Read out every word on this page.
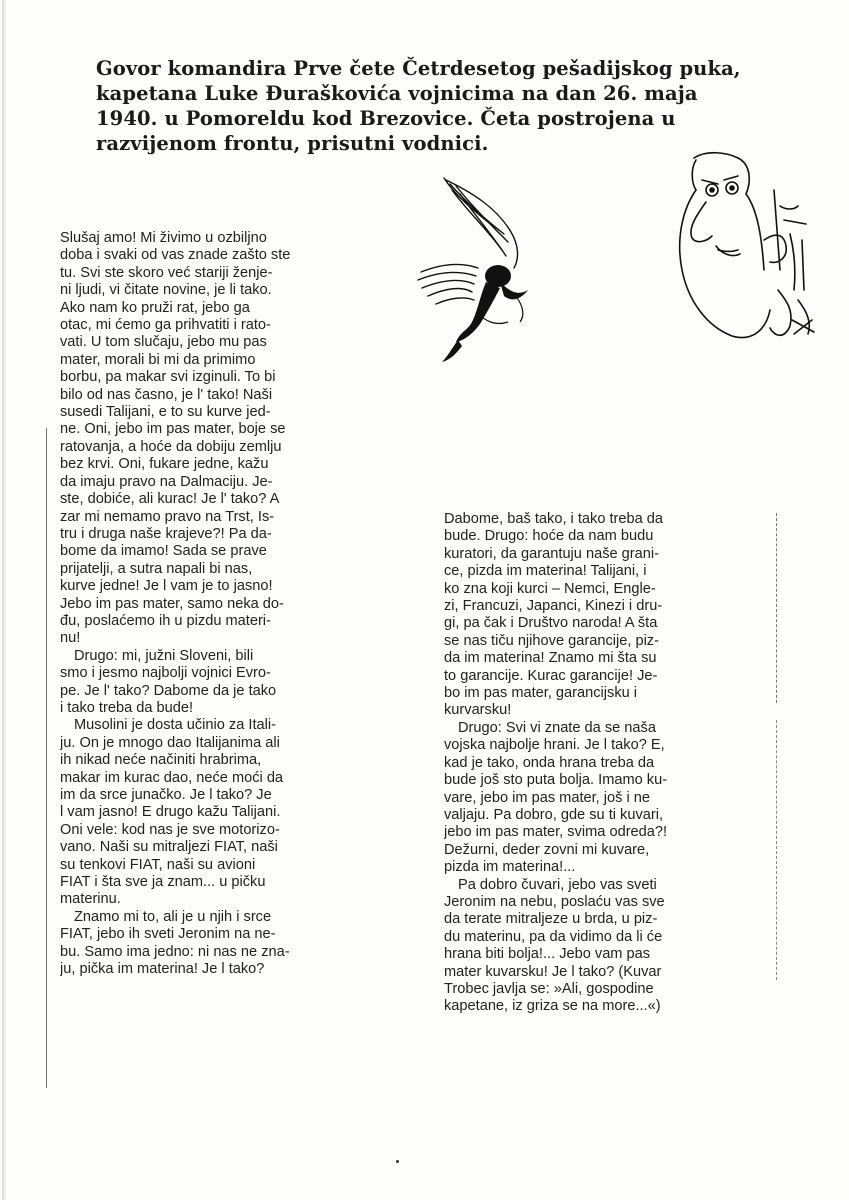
Govor komandira Prve čete Četrdesetog pešadijskog puka,
kapetana Luke Đuraškovića vojnicima na dan 26. maja
1940. u Pomoreldu kod Brezovice. Četa postrojena u
razvijenom frontu, prisutni vodnici.
Slušaj amo! Mi živimo u ozbiljno
doba i svaki od vas znade zašto ste
tu. Svi ste skoro već stariji ženje-
ni ljudi, vi čitate novine, je li tako.
Ako nam ko pruži rat, jebo ga
otac, mi ćemo ga prihvatiti i rato-
vati. U tom slučaju, jebo mu pas
mater, morali bi mi da primimo
borbu, pa makar svi izginuli. To bi
bilo od nas časno, je l' tako! Naši
susedi Talijani, e to su kurve jed-
ne. Oni, jebo im pas mater, boje se
ratovanja, a hoće da dobiju zemlju
bez krvi. Oni, fukare jedne, kažu
da imaju pravo na Dalmaciju. Je-
ste, dobiće, ali kurac! Je l' tako? A
zar mi nemamo pravo na Trst, Is-
tru i druga naše krajeve?! Pa da-
bome da imamo! Sada se prave
prijatelji, a sutra napali bi nas,
kurve jedne! Je l vam je to jasno!
Jebo im pas mater, samo neka do-
đu, poslaćemo ih u pizdu materi-
nu!
Drugo: mi, južni Sloveni, bili
smo i jesmo najbolji vojnici Evro-
pe. Je l' tako? Dabome da je tako
i tako treba da bude!
Musolini je dosta učinio za Itali-
ju. On je mnogo dao Italijanima ali
ih nikad neće načiniti hrabrima,
makar im kurac dao, neće moći da
im da srce junačko. Je l tako? Je
l vam jasno! E drugo kažu Talijani.
Oni vele: kod nas je sve motorizo-
vano. Naši su mitraljezi FIAT, naši
su tenkovi FIAT, naši su avioni
FIAT i šta sve ja znam... u pičku
materinu.
Znamo mi to, ali je u njih i srce
FIAT, jebo ih sveti Jeronim na ne-
bu. Samo ima jedno: ni nas ne zna-
ju, pička im materina! Je l tako?
Dabome, baš tako, i tako treba da
bude. Drugo: hoće da nam budu
kuratori, da garantuju naše grani-
ce, pizda im materina! Talijani, i
ko zna koji kurci – Nemci, Engle-
zi, Francuzi, Japanci, Kinezi i dru-
gi, pa čak i Društvo naroda! A šta
se nas tiču njihove garancije, piz-
da im materina! Znamo mi šta su
to garancije. Kurac garancije! Je-
bo im pas mater, garancijsku i
kurvarsku!
Drugo: Svi vi znate da se naša
vojska najbolje hrani. Je l tako? E,
kad je tako, onda hrana treba da
bude još sto puta bolja. Imamo ku-
vare, jebo im pas mater, još i ne
valjaju. Pa dobro, gde su ti kuvari,
jebo im pas mater, svima odreda?!
Dežurni, deder zovni mi kuvare,
pizda im materina!...
Pa dobro čuvari, jebo vas sveti
Jeronim na nebu, poslaću vas sve
da terate mitraljeze u brda, u piz-
du materinu, pa da vidimo da li će
hrana biti bolja!... Jebo vam pas
mater kuvarsku! Je l tako? (Kuvar
Trobec javlja se: »Ali, gospodine
kapetane, iz griza se na more...«)
